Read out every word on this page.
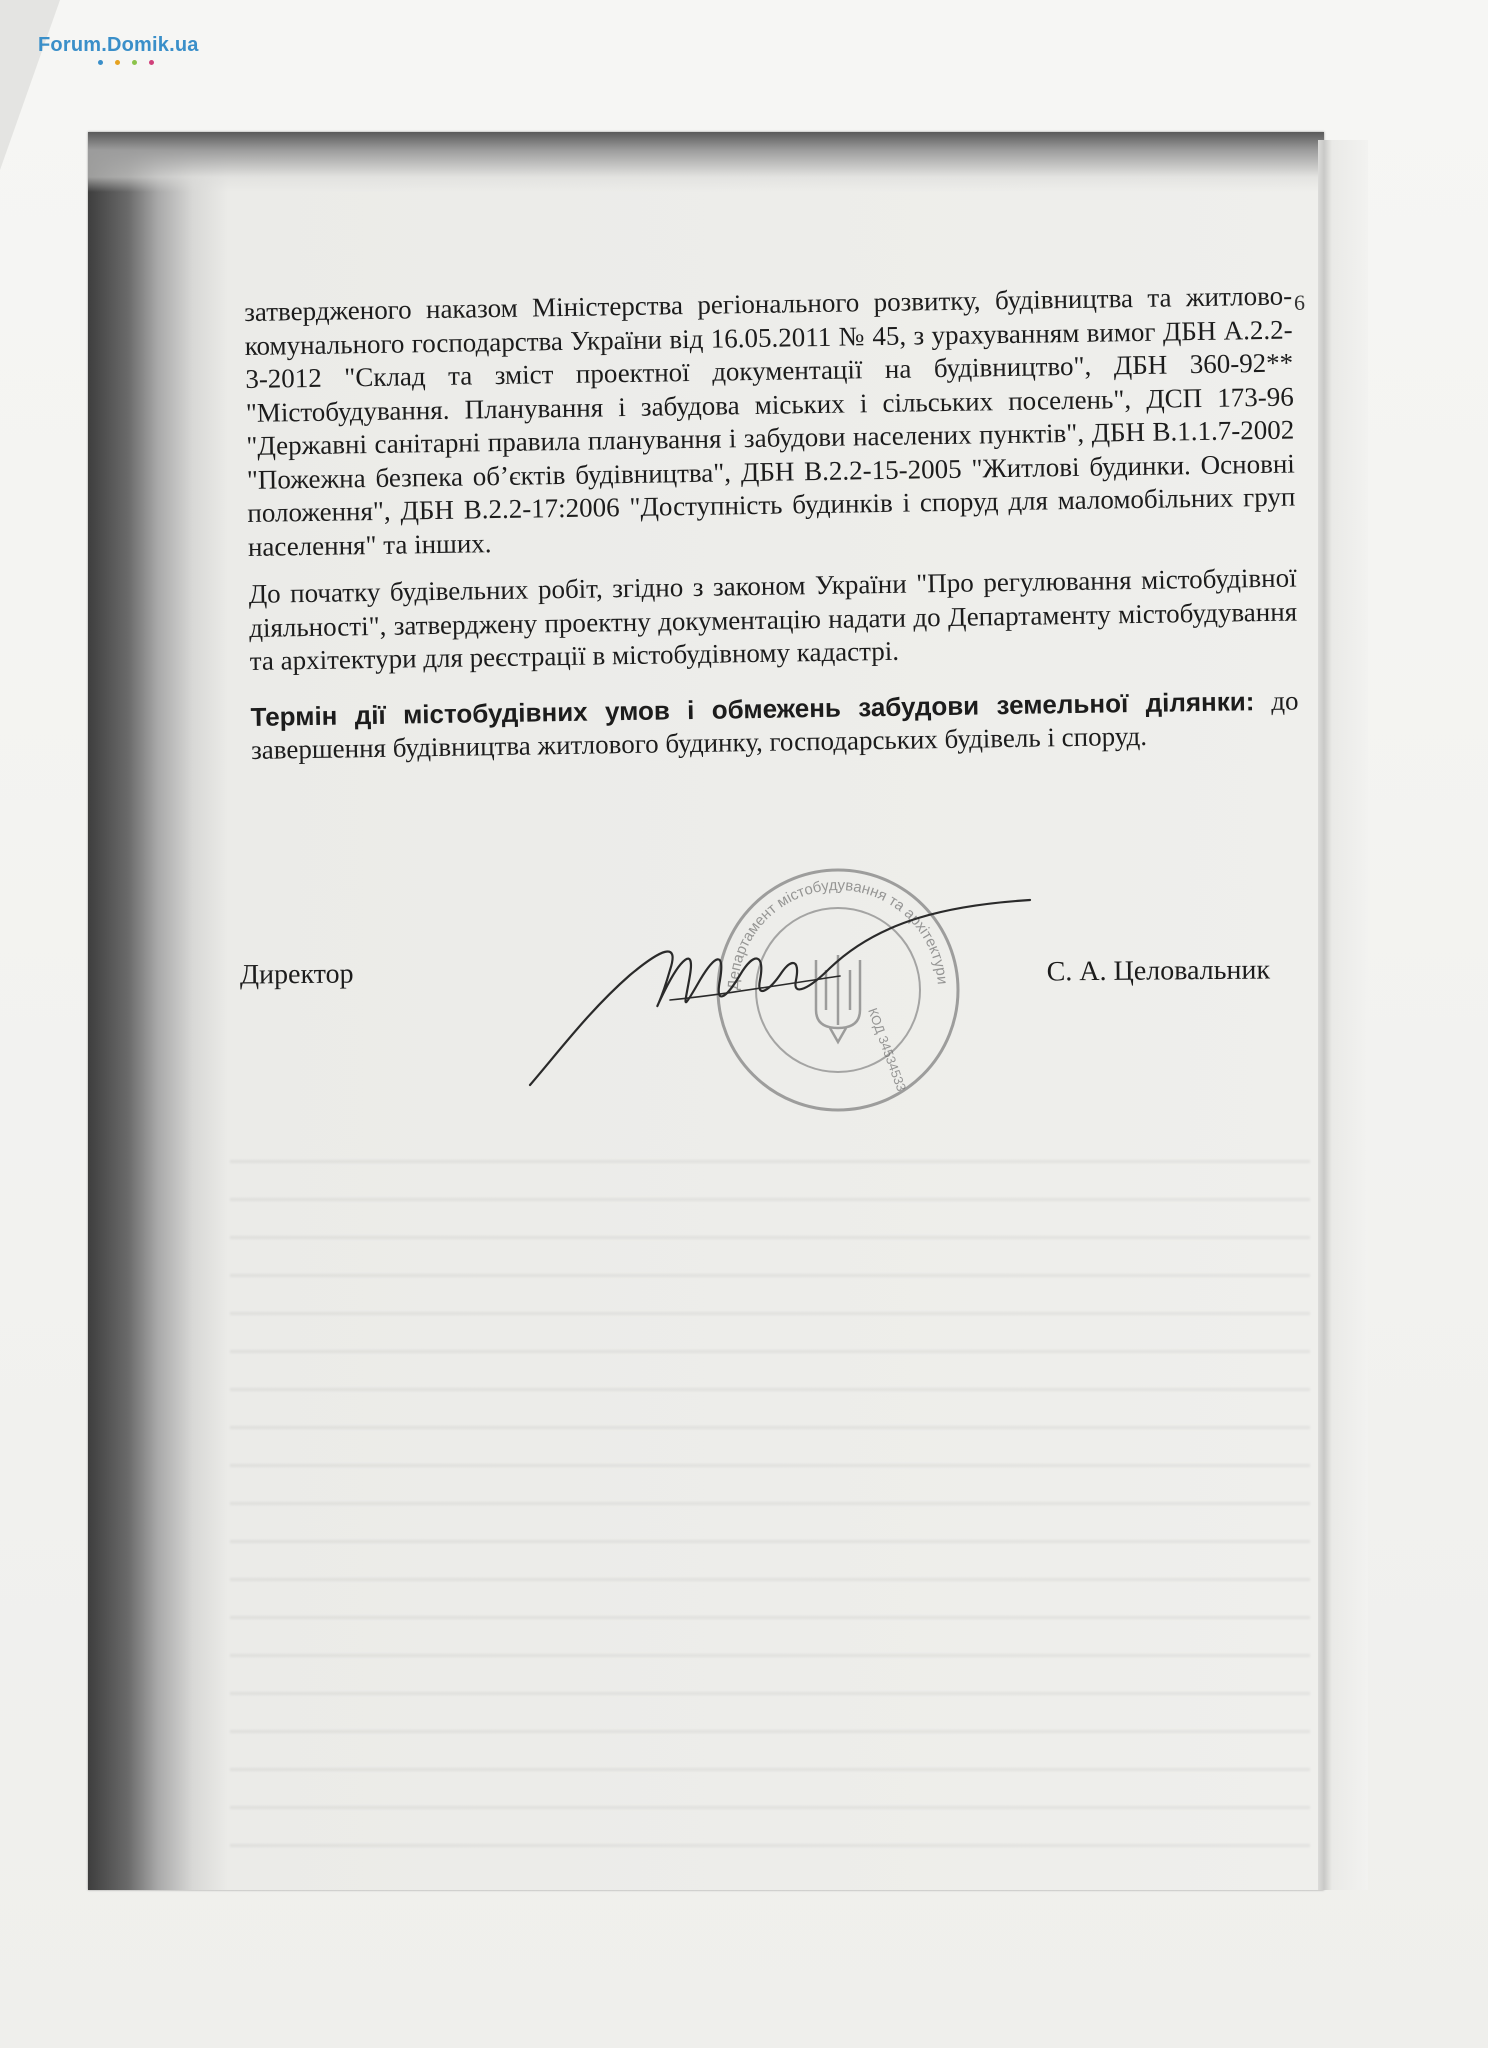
Forum.Domik.ua
6

затвердженого наказом Міністерства регіонального розвитку, будівництва та житлово-комунального господарства України від 16.05.2011 № 45, з урахуванням вимог ДБН А.2.2-3-2012 "Склад та зміст проектної документації на будівництво", ДБН 360-92** "Містобудування. Планування і забудова міських і сільських поселень", ДСП 173-96 "Державні санітарні правила планування і забудови населених пунктів", ДБН В.1.1.7-2002 "Пожежна безпека об’єктів будівництва", ДБН В.2.2-15-2005 "Житлові будинки. Основні положення", ДБН В.2.2-17:2006 "Доступність будинків і споруд для маломобільних груп населення" та інших.

До початку будівельних робіт, згідно з законом України "Про регулювання містобудівної діяльності", затверджену проектну документацію надати до Департаменту містобудування та архітектури для реєстрації в містобудівному кадастрі.

Термін дії містобудівних умов і обмежень забудови земельної ділянки: до завершення будівництва житлового будинку, господарських будівель і споруд.

Департамент містобудування та архітектури
КОД 34534533
Директор	С. А. Целовальник
